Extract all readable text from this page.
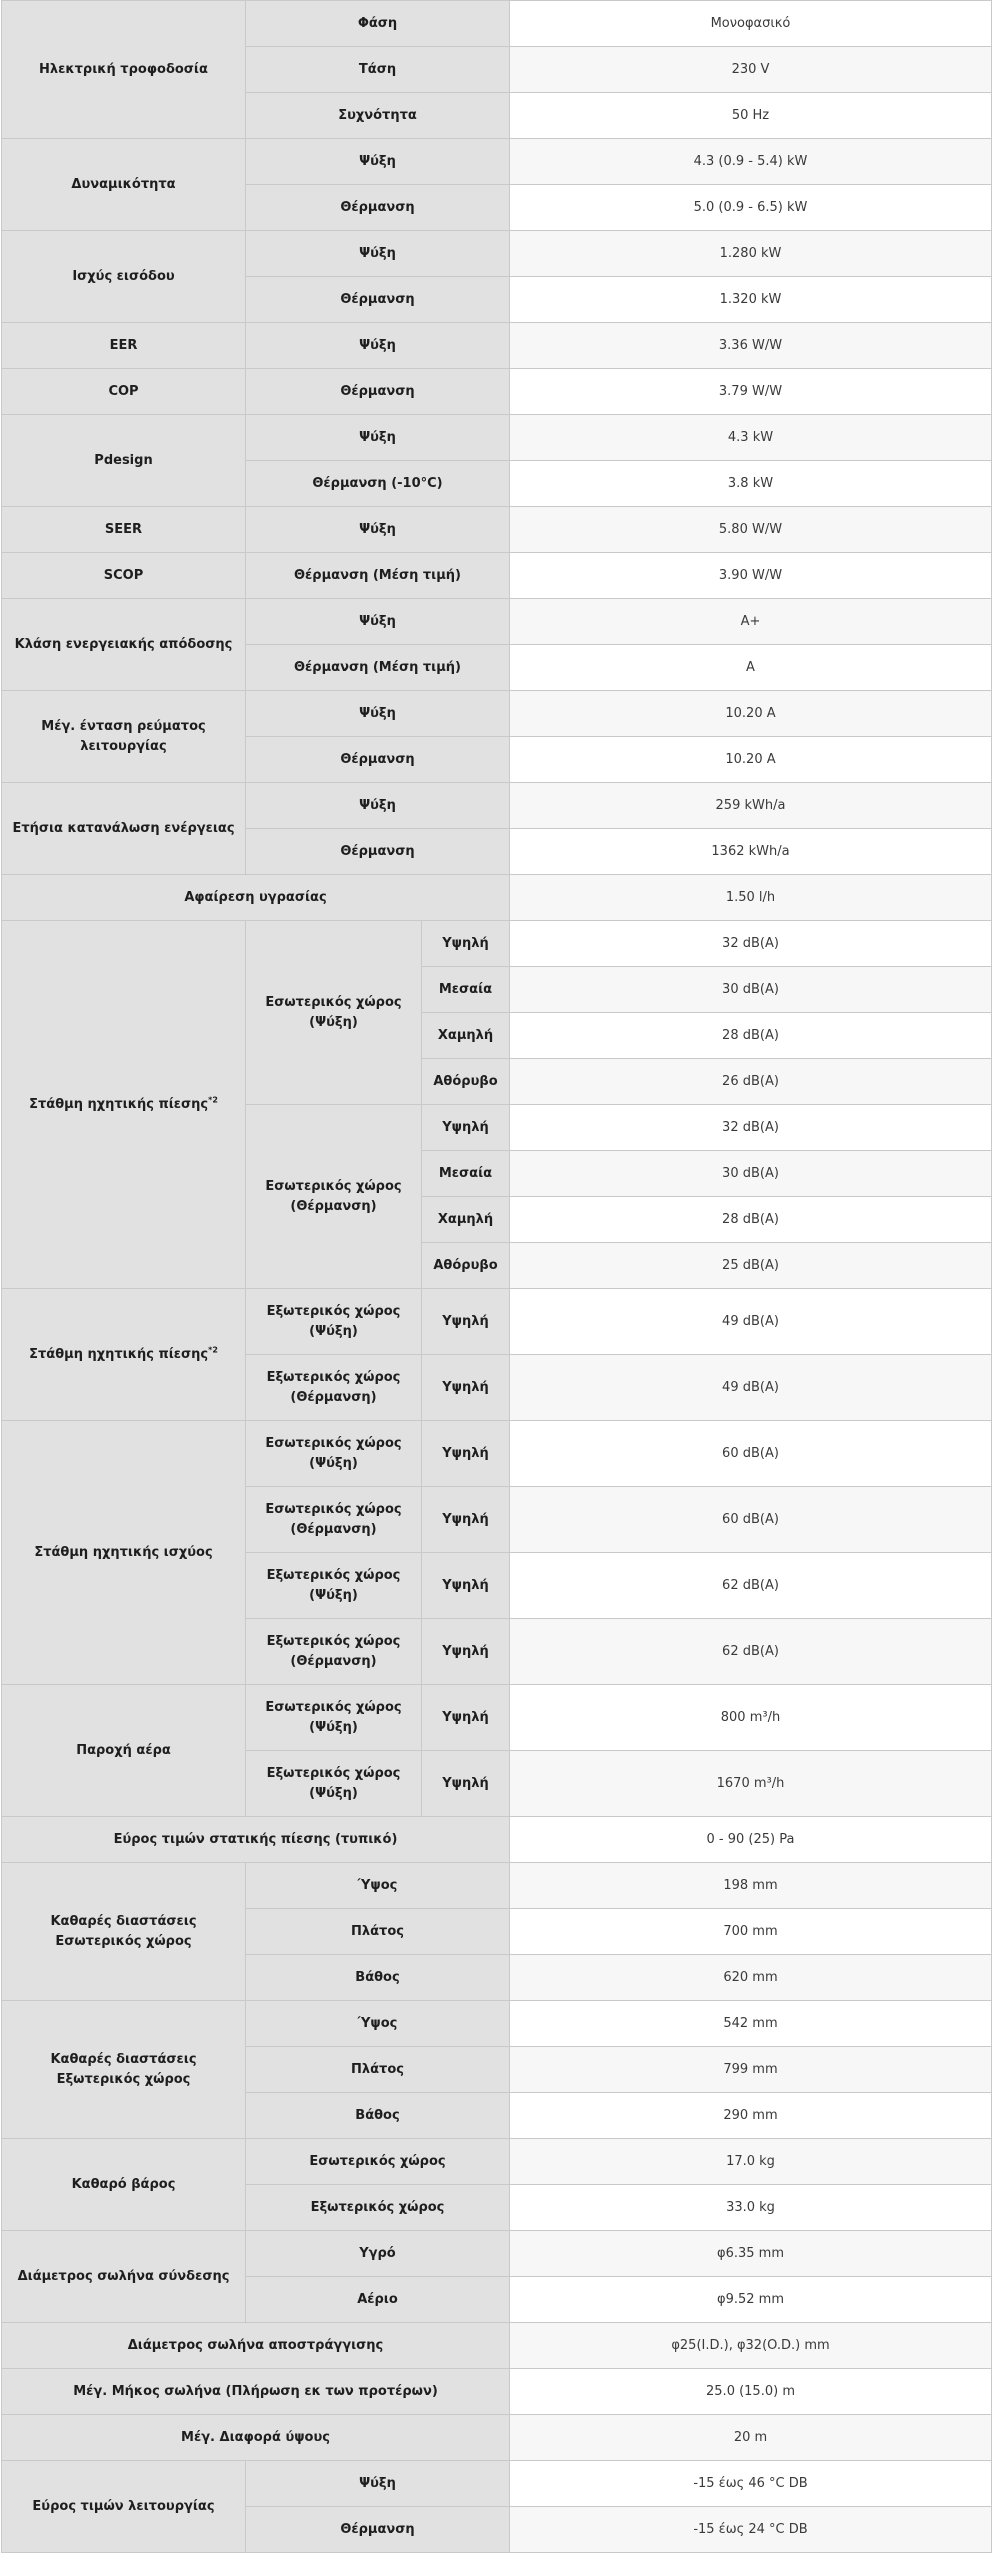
Ηλεκτρική τροφοδοσία	Φάση		Μονοφασικό
	Τάση		230 V
	Συχνότητα		50 Hz
Δυναμικότητα	Ψύξη		4.3 (0.9 - 5.4) kW
	Θέρμανση		5.0 (0.9 - 6.5) kW
Ισχύς εισόδου	Ψύξη		1.280 kW
	Θέρμανση		1.320 kW
EER	Ψύξη		3.36 W/W
COP	Θέρμανση		3.79 W/W
Pdesign	Ψύξη		4.3 kW
	Θέρμανση (-10°C)		3.8 kW
SEER	Ψύξη		5.80 W/W
SCOP	Θέρμανση (Μέση τιμή)		3.90 W/W
Κλάση ενεργειακής απόδοσης	Ψύξη		A+
	Θέρμανση (Μέση τιμή)		A
Μέγ. ένταση ρεύματος λειτουργίας	Ψύξη		10.20 A
	Θέρμανση		10.20 A
Ετήσια κατανάλωση ενέργειας	Ψύξη		259 kWh/a
	Θέρμανση		1362 kWh/a
Αφαίρεση υγρασίας			1.50 l/h
Στάθμη ηχητικής πίεσης$^{*2}$	Εσωτερικός χώρος (Ψύξη)	Υψηλή	32 dB(A)
		Μεσαία	30 dB(A)
		Χαμηλή	28 dB(A)
		Αθόρυβο	26 dB(A)
	Εσωτερικός χώρος (Θέρμανση)	Υψηλή	32 dB(A)
		Μεσαία	30 dB(A)
		Χαμηλή	28 dB(A)
		Αθόρυβο	25 dB(A)
Στάθμη ηχητικής πίεσης$^{*2}$	Εξωτερικός χώρος (Ψύξη)	Υψηλή	49 dB(A)
	Εξωτερικός χώρος (Θέρμανση)	Υψηλή	49 dB(A)
Στάθμη ηχητικής ισχύος	Εσωτερικός χώρος (Ψύξη)	Υψηλή	60 dB(A)
	Εσωτερικός χώρος (Θέρμανση)	Υψηλή	60 dB(A)
	Εξωτερικός χώρος (Ψύξη)	Υψηλή	62 dB(A)
	Εξωτερικός χώρος (Θέρμανση)	Υψηλή	62 dB(A)
Παροχή αέρα	Εσωτερικός χώρος (Ψύξη)	Υψηλή	800 m³/h
	Εξωτερικός χώρος (Ψύξη)	Υψηλή	1670 m³/h
Εύρος τιμών στατικής πίεσης (τυπικό)			0 - 90 (25) Pa
Καθαρές διαστάσεις Εσωτερικός χώρος	Ύψος		198 mm
	Πλάτος		700 mm
	Βάθος		620 mm
Καθαρές διαστάσεις Εξωτερικός χώρος	Ύψος		542 mm
	Πλάτος		799 mm
	Βάθος		290 mm
Καθαρό βάρος	Εσωτερικός χώρος		17.0 kg
	Εξωτερικός χώρος		33.0 kg
Διάμετρος σωλήνα σύνδεσης	Υγρό		φ6.35 mm
	Αέριο		φ9.52 mm
Διάμετρος σωλήνα αποστράγγισης			φ25(I.D.), φ32(O.D.) mm
Μέγ. Μήκος σωλήνα (Πλήρωση εκ των προτέρων)			25.0 (15.0) m
Μέγ. Διαφορά ύψους			20 m
Εύρος τιμών λειτουργίας	Ψύξη		-15 έως 46 °C DB
	Θέρμανση		-15 έως 24 °C DB
